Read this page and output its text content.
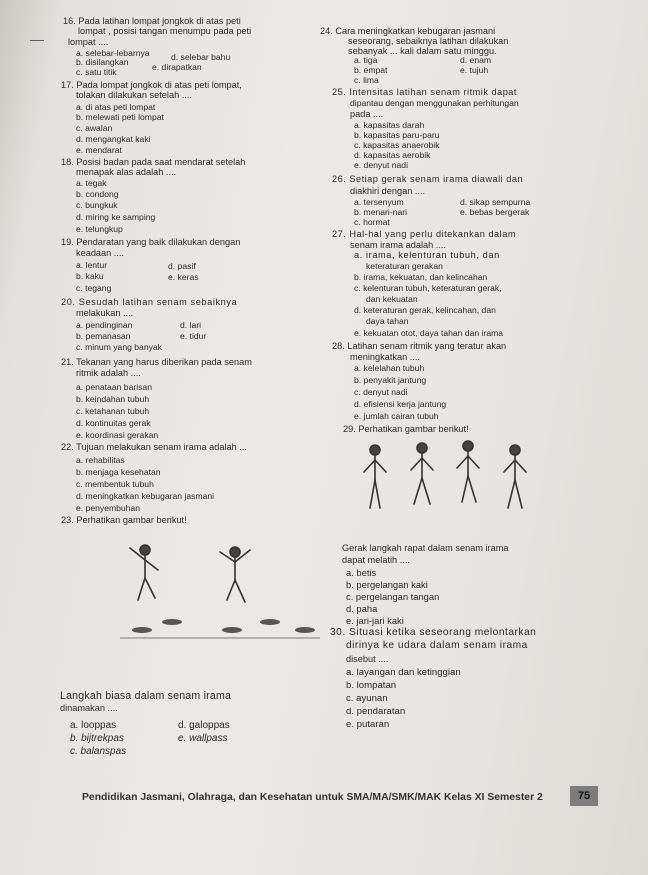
—
16. Pada latihan lompat jongkok di atas peti
lompat , posisi tangan menumpu pada peti
lompat ....
a. selebar-lebarnya d. selebar bahu
b. disilangkan	e. dirapatkan
c. satu titik
17. Pada lompat jongkok di atas peti lompat,
tolakan dilakukan setelah ....
a. di atas peti lompat
b. melewati peti lompat
c. awalan
d. mengangkat kaki
e. mendarat
18. Posisi badan pada saat mendarat setelah
menapak alas adalah ....
a. tegak
b. condong
c. bungkuk
d. miring ke samping
e. telungkup
19. Pendaratan yang baik dilakukan dengan
keadaan ....
a. lentur	d. pasif
b. kaku	e. keras
c. tegang
20. Sesudah latihan senam sebaiknya
melakukan ....
a. pendinginan	d. lari
b. pemanasan	e. tidur
c. minum yang banyak
21. Tekanan yang harus diberikan pada senam
ritmik adalah ....
a. penataan barisan
b. keindahan tubuh
c. ketahanan tubuh
d. kontinuitas gerak
e. koordinasi gerakan
22. Tujuan melakukan senam irama adalah ...
a. rehabilitas
b. menjaga kesehatan
c. membentuk tubuh
d. meningkatkan kebugaran jasmani
e. penyembuhan
23. Perhatikan gambar berikut!
Langkah biasa dalam senam irama
dinamakan ....
a. looppas	d. galoppas
b. bijtrekpas	e. wallpass
c. balanspas
24. Cara meningkatkan kebugaran jasmani
seseorang, sebaiknya latihan dilakukan
sebanyak ... kali dalam satu minggu.
a. tiga	d. enam
b. empat	e. tujuh
c. lima
25. Intensitas latihan senam ritmik dapat
dipantau dengan menggunakan perhitungan
pada ....
a. kapasitas darah
b. kapasitas paru-paru
c. kapasitas anaerobik
d. kapasitas aerobik
e. denyut nadi
26. Setiap gerak senam irama diawali dan
diakhiri dengan ....
a. tersenyum	d. sikap sempurna
b. menari-nari	e. bebas bergerak
c. hormat
27. Hal-hal yang perlu ditekankan dalam
senam irama adalah ....
a. irama, kelenturan tubuh, dan
keteraturan gerakan
b. irama, kekuatan, dan kelincahan
c. kelenturan tubuh, keteraturan gerak,
dan kekuatan
d. keteraturan gerak, kelincahan, dan
daya tahan
e. kekuatan otot, daya tahan dan irama
28. Latihan senam ritmik yang teratur akan
meningkatkan ....
a. kelelahan tubuh
b. penyakit jantung
c. denyut nadi
d. efisiensi kerja jantung
e. jumlah cairan tubuh
29. Perhatikan gambar berikut!
Gerak langkah rapat dalam senam irama
dapat melatih ....
a. betis
b. pergelangan kaki
c. pergelangan tangan
d. paha
e. jari-jari kaki
30. Situasi ketika seseorang melontarkan
dirinya ke udara dalam senam irama
disebut ....
a. layangan dan ketinggian
b. lompatan
c. ayunan
d. pendaratan
e. putaran
Pendidikan Jasmani, Olahraga, dan Kesehatan untuk SMA/MA/SMK/MAK Kelas XI Semester 2	75
